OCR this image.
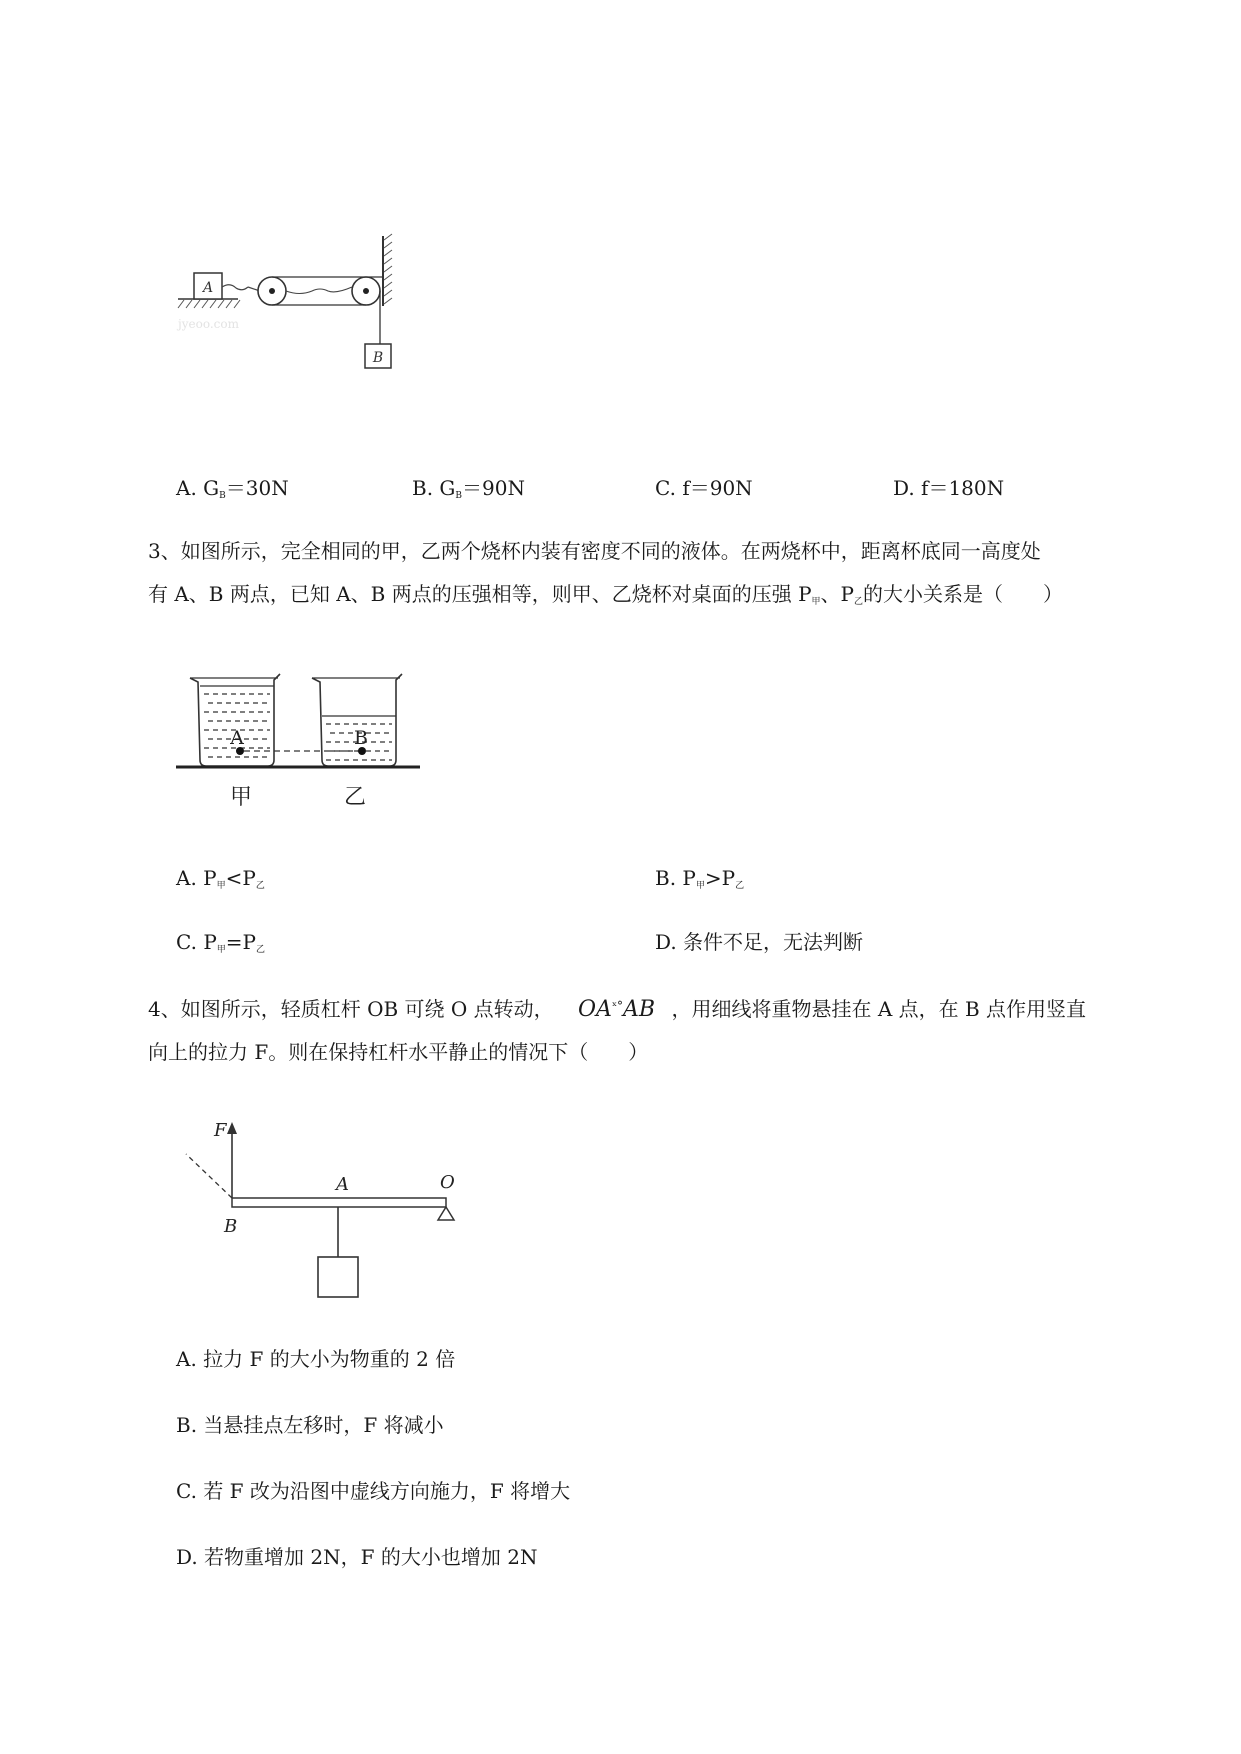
A
jyeoo.com
B
A. $G_B=30N$	B. $G_B=90N$	C. f＝90N	D. f＝180N
3、如图所示，完全相同的甲，乙两个烧杯内装有密度不同的液体。在两烧杯中，距离杯底同一高度处
有 A、B 两点，已知 A、B 两点的压强相等，则甲、乙烧杯对桌面的压强 $P_甲$、$P_乙$的大小关系是（　　）
A	B
甲	乙
A. $P_甲<P_乙$	B. $P_甲>P_乙$
C. $P_甲=P_乙$	D. 条件不足，无法判断
4、如图所示，轻质杠杆 OB 可绕 O 点转动， $OA^{ˣ^\circ}AB$ ，用细线将重物悬挂在 A 点，在 B 点作用竖直
向上的拉力 F。则在保持杠杆水平静止的情况下（　　）
F
O
A
B
A. 拉力 F 的大小为物重的 2 倍
B. 当悬挂点左移时，F 将减小
C. 若 F 改为沿图中虚线方向施力，F 将增大
D. 若物重增加 2N，F 的大小也增加 2N
